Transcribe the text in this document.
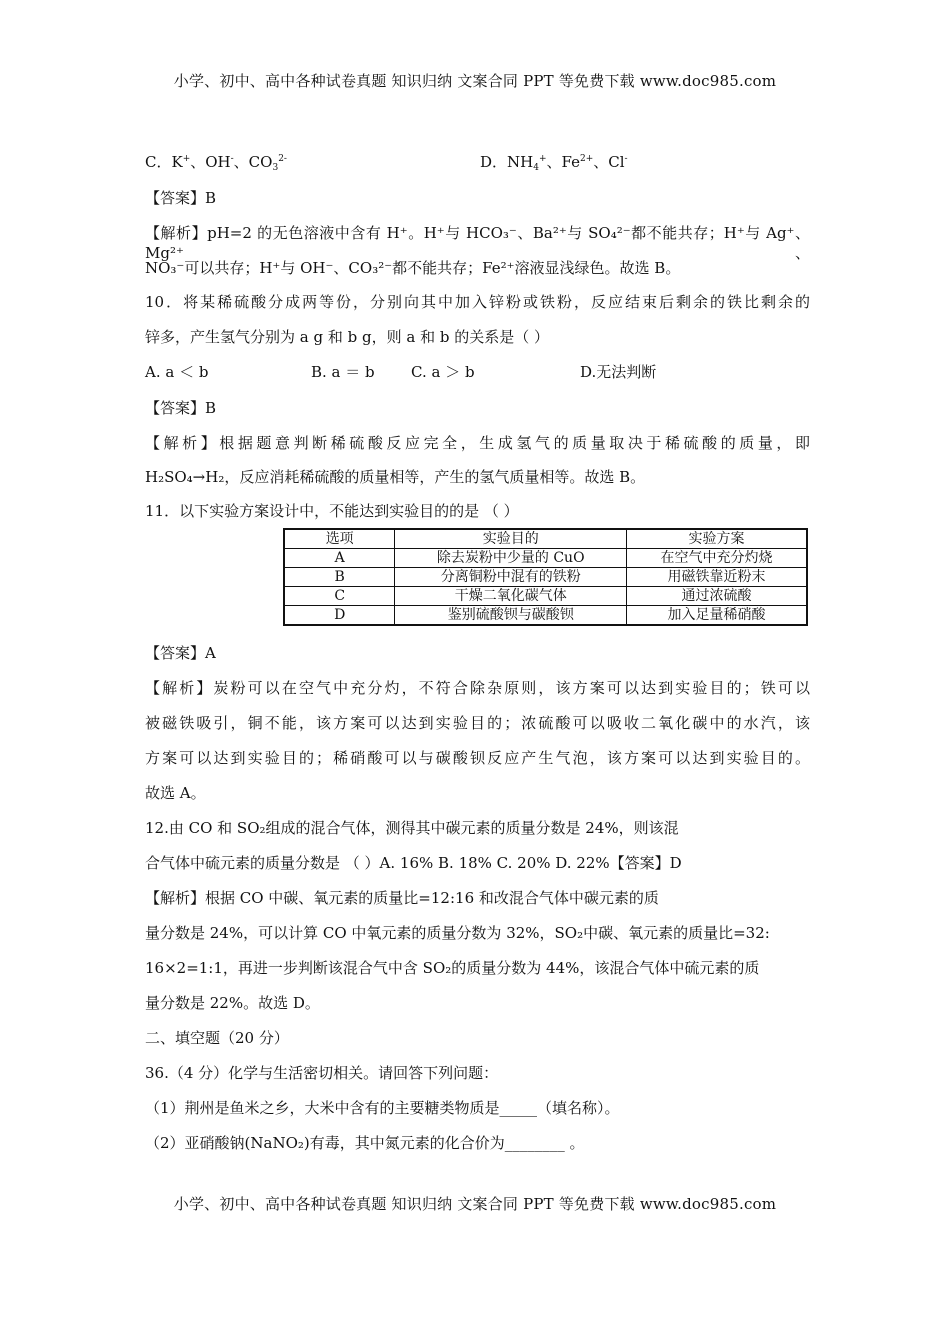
小学、初中、高中各种试卷真题 知识归纳 文案合同 PPT 等免费下载 www.doc985.com
C．K+、OH-、$CO_3^{2-}$	D．$NH_4^+$、$Fe^{2+}$、Cl-
【答案】B
【解析】pH=2 的无色溶液中含有 H⁺。H⁺与 HCO₃⁻、Ba²⁺与 SO₄²⁻都不能共存；H⁺与 Ag⁺、Mg²⁺、
NO₃⁻可以共存；H⁺与 OH⁻、CO₃²⁻都不能共存；Fe²⁺溶液显浅绿色。故选 B。
10．将某稀硫酸分成两等份，分别向其中加入锌粉或铁粉，反应结束后剩余的铁比剩余的
锌多，产生氢气分别为 a g 和 b g，则 a 和 b 的关系是（ ）
A. a ＜ b	B. a ＝ b C. a ＞ b	D.无法判断
【答案】B
【解析】根据题意判断稀硫酸反应完全，生成氢气的质量取决于稀硫酸的质量，即
H₂SO₄→H₂，反应消耗稀硫酸的质量相等，产生的氢气质量相等。故选 B。
11．以下实验方案设计中，不能达到实验目的的是 （ ）
选项	实验目的	实验方案
A	除去炭粉中少量的 CuO	在空气中充分灼烧
B	分离铜粉中混有的铁粉	用磁铁靠近粉末
C	干燥二氧化碳气体	通过浓硫酸
D	鉴别硫酸钡与碳酸钡	加入足量稀硝酸
【答案】A
【解析】炭粉可以在空气中充分灼，不符合除杂原则，该方案可以达到实验目的；铁可以
被磁铁吸引，铜不能，该方案可以达到实验目的；浓硫酸可以吸收二氧化碳中的水汽，该
方案可以达到实验目的；稀硝酸可以与碳酸钡反应产生气泡，该方案可以达到实验目的。
故选 A。
12.由 CO 和 SO₂组成的混合气体，测得其中碳元素的质量分数是 24%，则该混
合气体中硫元素的质量分数是 （ ）A. 16% B. 18% C. 20% D. 22%【答案】D
【解析】根据 CO 中碳、氧元素的质量比=12:16 和改混合气体中碳元素的质
量分数是 24%，可以计算 CO 中氧元素的质量分数为 32%，SO₂中碳、氧元素的质量比=32:
16×2=1:1，再进一步判断该混合气中含 SO₂的质量分数为 44%，该混合气体中硫元素的质
量分数是 22%。故选 D。
二、填空题（20 分）
36.（4 分）化学与生活密切相关。请回答下列问题：
（1）荆州是鱼米之乡，大米中含有的主要糖类物质是_____（填名称）。
（2）亚硝酸钠(NaNO₂)有毒，其中氮元素的化合价为________ 。
小学、初中、高中各种试卷真题 知识归纳 文案合同 PPT 等免费下载 www.doc985.com
